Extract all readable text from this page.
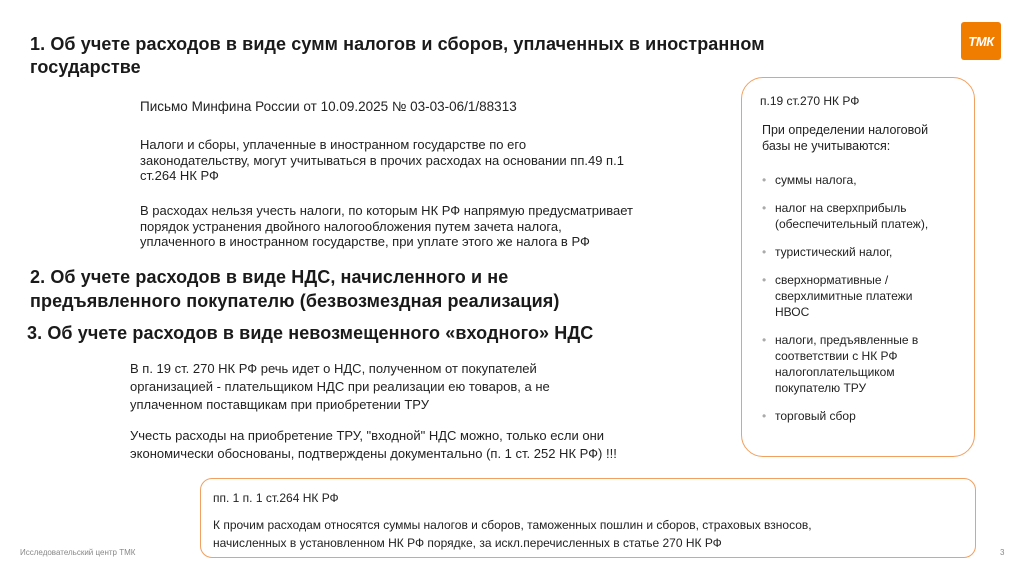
ТМК
1. Об учете расходов в виде сумм налогов и сборов, уплаченных в иностранном
государстве
Письмо Минфина России от 10.09.2025 № 03-03-06/1/88313
Налоги и сборы, уплаченные в иностранном государстве по его
законодательству, могут учитываться в прочих расходах на основании пп.49 п.1
ст.264 НК РФ
В расходах нельзя учесть налоги, по которым НК РФ напрямую предусматривает
порядок устранения двойного налогообложения путем зачета налога,
уплаченного в иностранном государстве, при уплате этого же налога в РФ
2. Об учете расходов в виде НДС, начисленного и не
предъявленного покупателю (безвозмездная реализация)
3. Об учете расходов в виде невозмещенного «входного» НДС
В п. 19 ст. 270 НК РФ речь идет о НДС, полученном от покупателей
организацией - плательщиком НДС при реализации ею товаров, а не
уплаченном поставщикам при приобретении ТРУ
Учесть расходы на приобретение ТРУ, "входной" НДС можно, только если они
экономически обоснованы, подтверждены документально (п. 1 ст. 252 НК РФ) !!!
п.19 ст.270 НК РФ
При определении налоговой
базы не учитываются:
• суммы налога,
• налог на сверхприбыль
(обеспечительный платеж),
• туристический налог,
• сверхнормативные /
сверхлимитные платежи
НВОС
• налоги, предъявленные в
соответствии с НК РФ
налогоплательщиком
покупателю ТРУ
• торговый сбор
пп. 1 п. 1 ст.264 НК РФ
К прочим расходам относятся суммы налогов и сборов, таможенных пошлин и сборов, страховых взносов,
начисленных в установленном НК РФ порядке, за искл.перечисленных в статье 270 НК РФ
Исследовательский центр ТМК	3
